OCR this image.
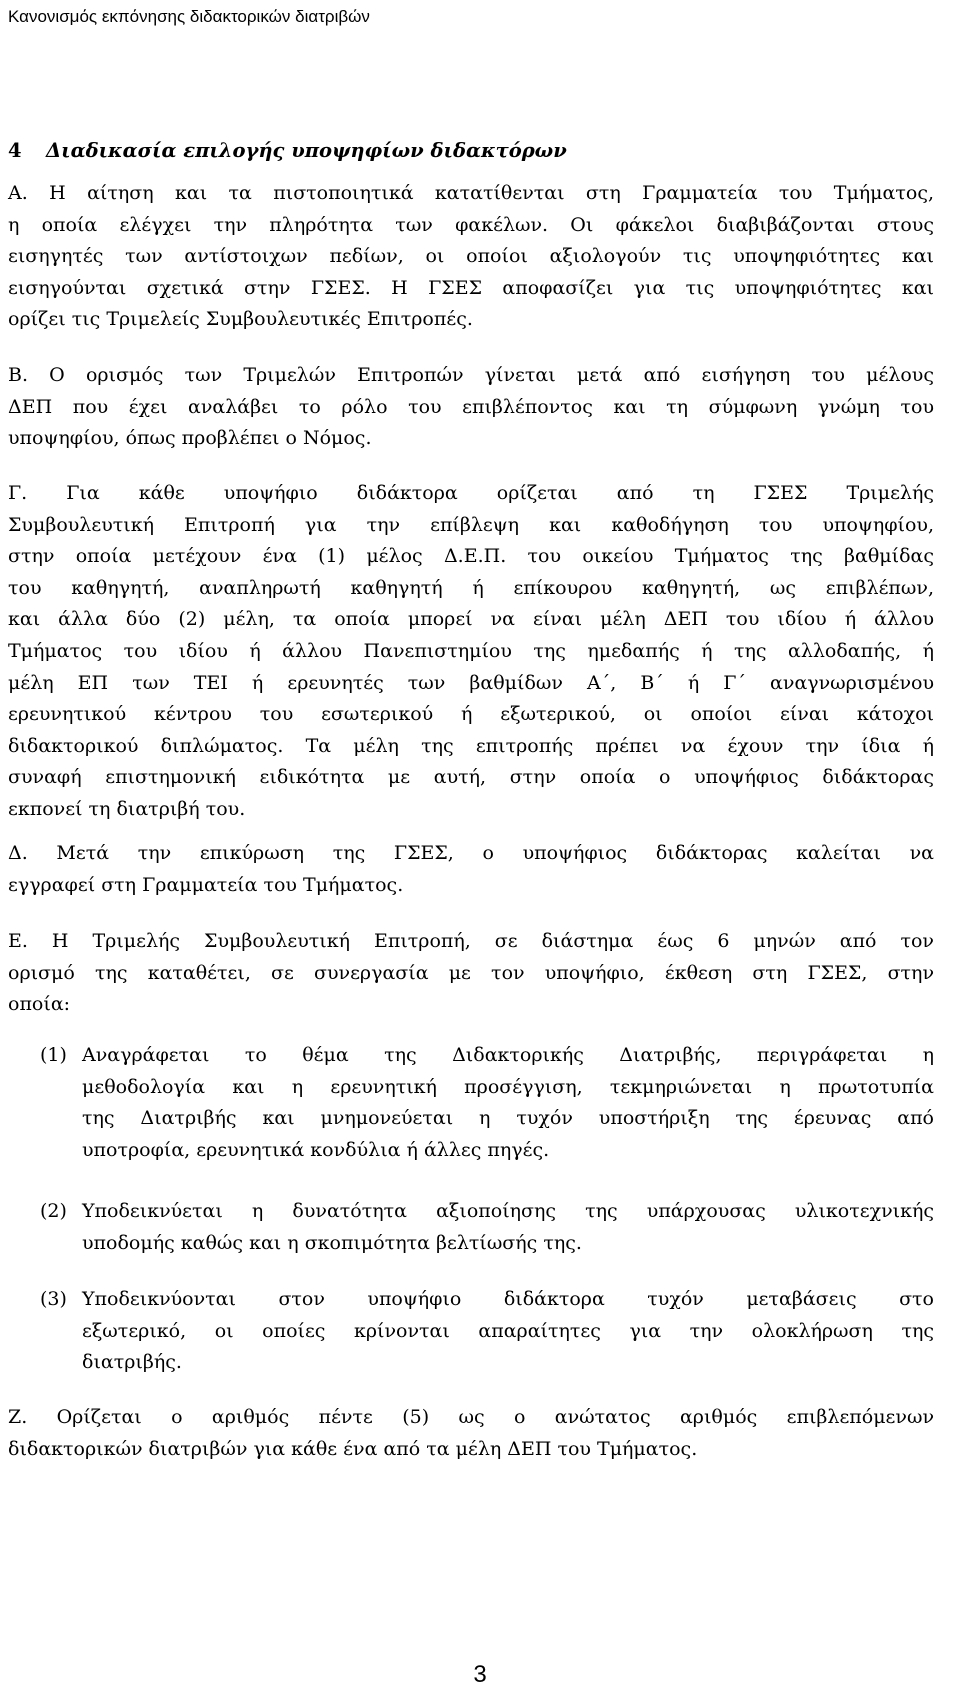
Κανονισμός εκπόνησης διδακτορικών διατριβών
4 Διαδικασία επιλογής υποψηφίων διδακτόρων
Α. Η αίτηση και τα πιστοποιητικά κατατίθενται στη Γραμματεία του Τμήματος,
η οποία ελέγχει την πληρότητα των φακέλων. Οι φάκελοι διαβιβάζονται στους
εισηγητές των αντίστοιχων πεδίων, οι οποίοι αξιολογούν τις υποψηφιότητες και
εισηγούνται σχετικά στην ΓΣΕΣ. Η ΓΣΕΣ αποφασίζει για τις υποψηφιότητες και
ορίζει τις Τριμελείς Συμβουλευτικές Επιτροπές.
Β. Ο ορισμός των Τριμελών Επιτροπών γίνεται μετά από εισήγηση του μέλους
ΔΕΠ που έχει αναλάβει το ρόλο του επιβλέποντος και τη σύμφωνη γνώμη του
υποψηφίου, όπως προβλέπει ο Νόμος.
Γ. Για κάθε υποψήφιο διδάκτορα ορίζεται από τη ΓΣΕΣ Τριμελής
Συμβουλευτική Επιτροπή για την επίβλεψη και καθοδήγηση του υποψηφίου,
στην οποία μετέχουν ένα (1) μέλος Δ.Ε.Π. του οικείου Τμήματος της βαθμίδας
του καθηγητή, αναπληρωτή καθηγητή ή επίκουρου καθηγητή, ως επιβλέπων,
και άλλα δύο (2) μέλη, τα οποία μπορεί να είναι μέλη ΔΕΠ του ιδίου ή άλλου
Τμήματος του ιδίου ή άλλου Πανεπιστημίου της ημεδαπής ή της αλλοδαπής, ή
μέλη ΕΠ των ΤΕΙ ή ερευνητές των βαθμίδων Α΄, Β΄ ή Γ΄ αναγνωρισμένου
ερευνητικού κέντρου του εσωτερικού ή εξωτερικού, οι οποίοι είναι κάτοχοι
διδακτορικού διπλώματος. Τα μέλη της επιτροπής πρέπει να έχουν την ίδια ή
συναφή επιστημονική ειδικότητα με αυτή, στην οποία ο υποψήφιος διδάκτορας
εκπονεί τη διατριβή του.
Δ. Μετά την επικύρωση της ΓΣΕΣ, ο υποψήφιος διδάκτορας καλείται να
εγγραφεί στη Γραμματεία του Τμήματος.
Ε. Η Τριμελής Συμβουλευτική Επιτροπή, σε διάστημα έως 6 μηνών από τον
ορισμό της καταθέτει, σε συνεργασία με τον υποψήφιο, έκθεση στη ΓΣΕΣ, στην
οποία:
(1) Αναγράφεται το θέμα της Διδακτορικής Διατριβής, περιγράφεται η
μεθοδολογία και η ερευνητική προσέγγιση, τεκμηριώνεται η πρωτοτυπία
της Διατριβής και μνημονεύεται η τυχόν υποστήριξη της έρευνας από
υποτροφία, ερευνητικά κονδύλια ή άλλες πηγές.
(2) Υποδεικνύεται η δυνατότητα αξιοποίησης της υπάρχουσας υλικοτεχνικής
υποδομής καθώς και η σκοπιμότητα βελτίωσής της.
(3) Υποδεικνύονται στον υποψήφιο διδάκτορα τυχόν μεταβάσεις στο
εξωτερικό, οι οποίες κρίνονται απαραίτητες για την ολοκλήρωση της
διατριβής.
Ζ. Ορίζεται ο αριθμός πέντε (5) ως ο ανώτατος αριθμός επιβλεπόμενων
διδακτορικών διατριβών για κάθε ένα από τα μέλη ΔΕΠ του Τμήματος.
3
